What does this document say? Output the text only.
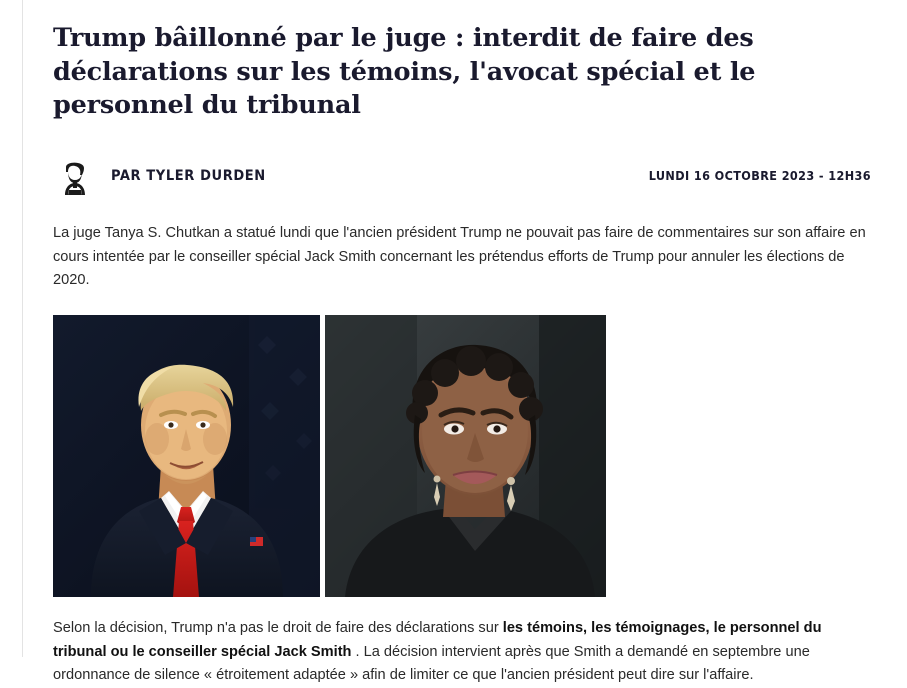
Trump bâillonné par le juge : interdit de faire des déclarations sur les témoins, l'avocat spécial et le personnel du tribunal
PAR TYLER DURDEN	LUNDI 16 OCTOBRE 2023 - 12H36

La juge Tanya S. Chutkan a statué lundi que l'ancien président Trump ne pouvait pas faire de commentaires sur son affaire en cours intentée par le conseiller spécial Jack Smith concernant les prétendus efforts de Trump pour annuler les élections de 2020.

Selon la décision, Trump n'a pas le droit de faire des déclarations sur les témoins, les témoignages, le personnel du tribunal ou le conseiller spécial Jack Smith . La décision intervient après que Smith a demandé en septembre une ordonnance de silence « étroitement adaptée » afin de limiter ce que l'ancien président peut dire sur l'affaire.
